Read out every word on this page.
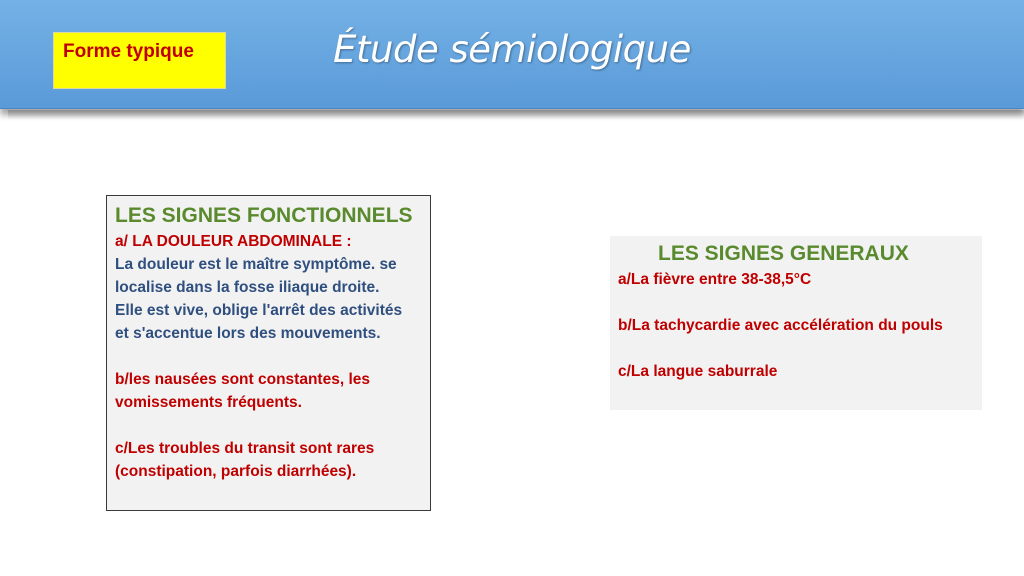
Forme typique	Étude sémiologique
LES SIGNES FONCTIONNELS
a/ LA DOULEUR ABDOMINALE :
La douleur est le maître symptôme. se
localise dans la fosse iliaque droite.
Elle est vive, oblige l'arrêt des activités
et s'accentue lors des mouvements.
b/les nausées sont constantes, les
vomissements fréquents.
c/Les troubles du transit sont rares
(constipation, parfois diarrhées).
LES SIGNES GENERAUX
a/La fièvre entre 38-38,5°C
b/La tachycardie avec accélération du pouls
c/La langue saburrale
